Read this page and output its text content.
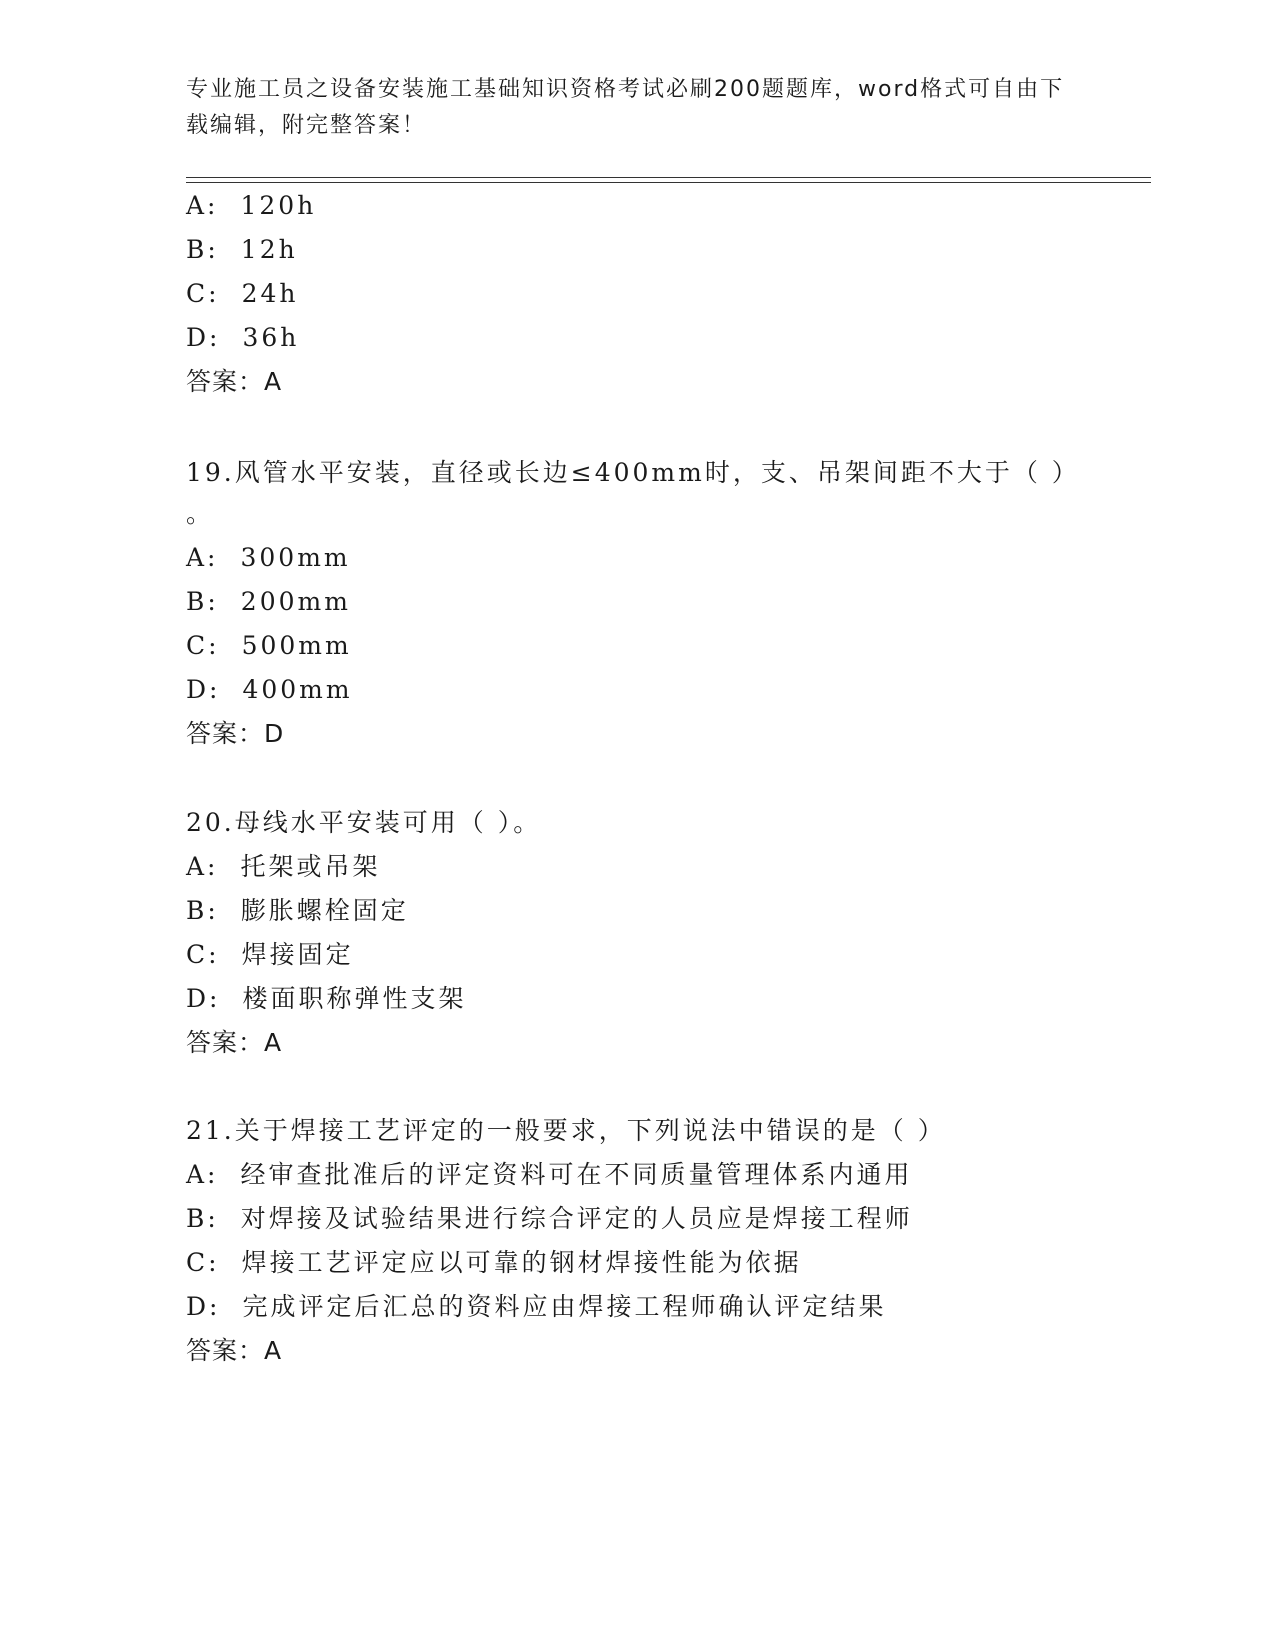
专业施工员之设备安装施工基础知识资格考试必刷200题题库，word格式可自由下载编辑，附完整答案！
A: 120h
B: 12h
C: 24h
D: 36h
答案：A
19.风管水平安装，直径或长边≤400mm时，支、吊架间距不大于（ ）
。
A: 300mm
B: 200mm
C: 500mm
D: 400mm
答案：D
20.母线水平安装可用（ ）。
A: 托架或吊架
B: 膨胀螺栓固定
C: 焊接固定
D: 楼面职称弹性支架
答案：A
21.关于焊接工艺评定的一般要求，下列说法中错误的是（ ）
A: 经审查批准后的评定资料可在不同质量管理体系内通用
B: 对焊接及试验结果进行综合评定的人员应是焊接工程师
C: 焊接工艺评定应以可靠的钢材焊接性能为依据
D: 完成评定后汇总的资料应由焊接工程师确认评定结果
答案：A
